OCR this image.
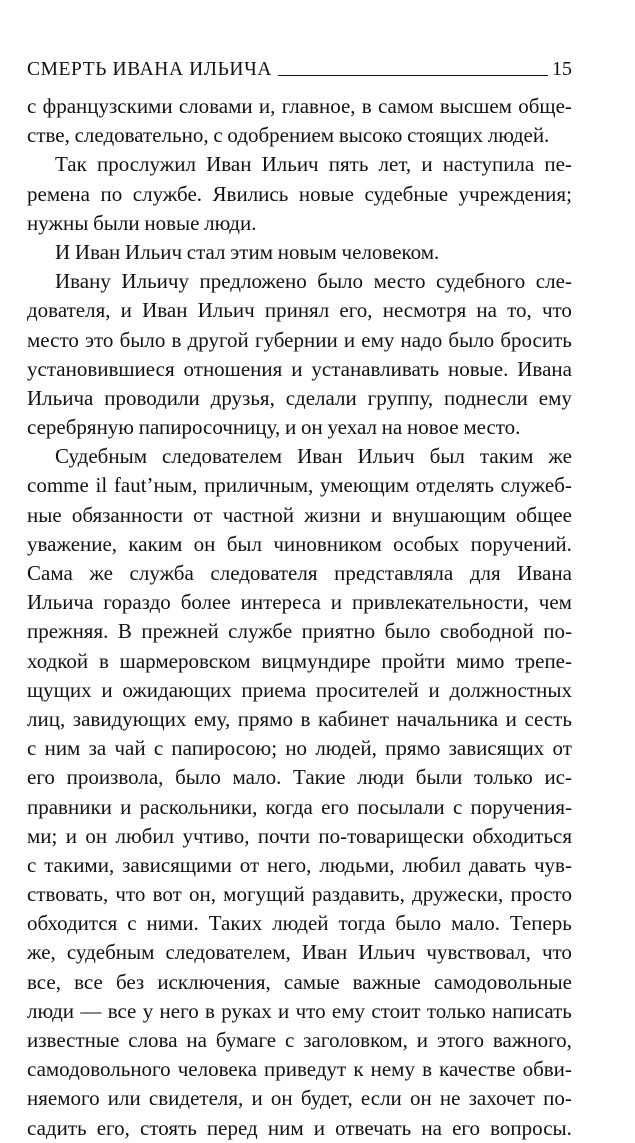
СМЕРТЬ ИВАНА ИЛЬИЧА	15
с французскими словами и, главное, в самом высшем обще-
стве, следовательно, с одобрением высоко стоящих людей.
Так прослужил Иван Ильич пять лет, и наступила пе-
ремена по службе. Явились новые судебные учреждения;
нужны были новые люди.
И Иван Ильич стал этим новым человеком.
Ивану Ильичу предложено было место судебного сле-
дователя, и Иван Ильич принял его, несмотря на то, что
место это было в другой губернии и ему надо было бросить
установившиеся отношения и устанавливать новые. Ивана
Ильича проводили друзья, сделали группу, поднесли ему
серебряную папиросочницу, и он уехал на новое место.
Судебным следователем Иван Ильич был таким же
comme il faut’ным, приличным, умеющим отделять служеб-
ные обязанности от частной жизни и внушающим общее
уважение, каким он был чиновником особых поручений.
Сама же служба следователя представляла для Ивана
Ильича гораздо более интереса и привлекательности, чем
прежняя. В прежней службе приятно было свободной по-
ходкой в шармеровском вицмундире пройти мимо трепе-
щущих и ожидающих приема просителей и должностных
лиц, завидующих ему, прямо в кабинет начальника и сесть
с ним за чай с папиросою; но людей, прямо зависящих от
его произвола, было мало. Такие люди были только ис-
правники и раскольники, когда его посылали с поручения-
ми; и он любил учтиво, почти по-товарищески обходиться
с такими, зависящими от него, людьми, любил давать чув-
ствовать, что вот он, могущий раздавить, дружески, просто
обходится с ними. Таких людей тогда было мало. Теперь
же, судебным следователем, Иван Ильич чувствовал, что
все, все без исключения, самые важные самодовольные
люди — все у него в руках и что ему стоит только написать
известные слова на бумаге с заголовком, и этого важного,
самодовольного человека приведут к нему в качестве обви-
няемого или свидетеля, и он будет, если он не захочет по-
садить его, стоять перед ним и отвечать на его вопросы.
